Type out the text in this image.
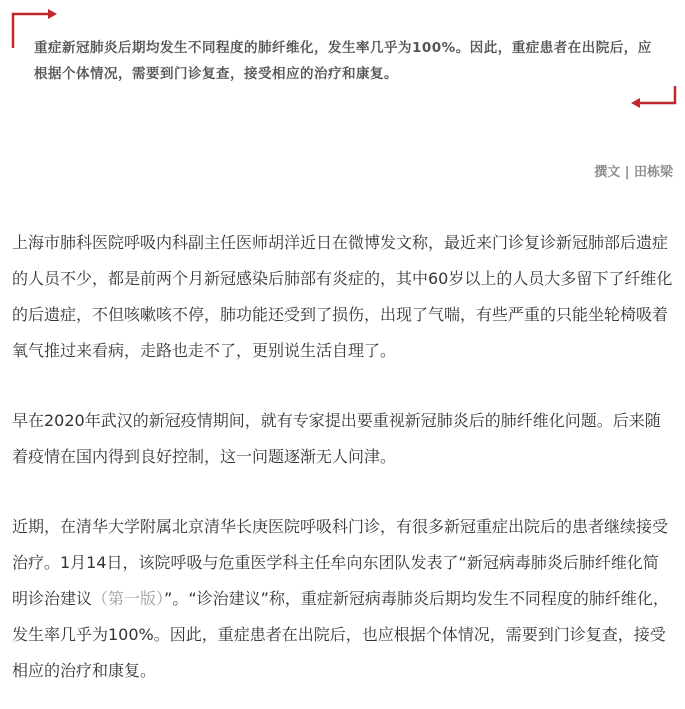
重症新冠肺炎后期均发生不同程度的肺纤维化，发生率几乎为100%。因此，重症患者在出院后，应根据个体情况，需要到门诊复查，接受相应的治疗和康复。
撰文 | 田栋梁

上海市肺科医院呼吸内科副主任医师胡洋近日在微博发文称，最近来门诊复诊新冠肺部后遗症的人员不少，都是前两个月新冠感染后肺部有炎症的，其中60岁以上的人员大多留下了纤维化的后遗症，不但咳嗽咳不停，肺功能还受到了损伤，出现了气喘，有些严重的只能坐轮椅吸着氧气推过来看病，走路也走不了，更别说生活自理了。

早在2020年武汉的新冠疫情期间，就有专家提出要重视新冠肺炎后的肺纤维化问题。后来随着疫情在国内得到良好控制，这一问题逐渐无人问津。

近期，在清华大学附属北京清华长庚医院呼吸科门诊，有很多新冠重症出院后的患者继续接受治疗。1月14日，该院呼吸与危重医学科主任牟向东团队发表了“新冠病毒肺炎后肺纤维化简明诊治建议（第一版）”。“诊治建议”称，重症新冠病毒肺炎后期均发生不同程度的肺纤维化，发生率几乎为100%。因此，重症患者在出院后，也应根据个体情况，需要到门诊复查，接受相应的治疗和康复。
